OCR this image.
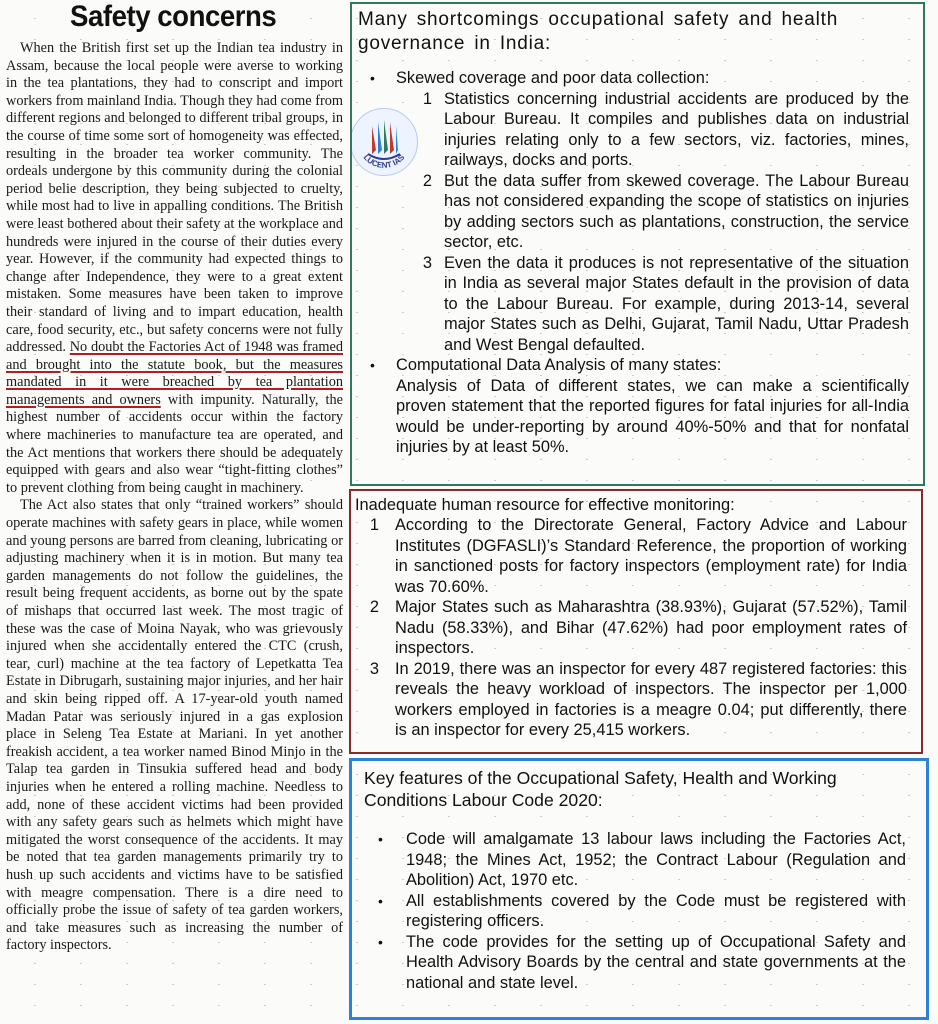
Safety concerns

When the British first set up the Indian tea industry in Assam, because the local people were averse to working in the tea plantations, they had to conscript and import workers from mainland India. Though they had come from different regions and belonged to different tribal groups, in the course of time some sort of homogeneity was effected, resulting in the broader tea worker community. The ordeals undergone by this community during the colonial period belie description, they being subjected to cruelty, while most had to live in appalling conditions. The British were least bothered about their safety at the workplace and hundreds were injured in the course of their duties every year. However, if the community had expected things to change after Independence, they were to a great extent mistaken. Some measures have been taken to improve their standard of living and to impart education, health care, food security, etc., but safety concerns were not fully addressed. No doubt the Factories Act of 1948 was framed and brought into the statute book, but the measures mandated in it were breached by tea plantation managements and owners with impunity. Naturally, the highest number of accidents occur within the factory where machineries to manufacture tea are operated, and the Act mentions that workers there should be adequately equipped with gears and also wear “tight-fitting clothes” to prevent clothing from being caught in machinery.

The Act also states that only “trained workers” should operate machines with safety gears in place, while women and young persons are barred from cleaning, lubricating or adjusting machinery when it is in motion. But many tea garden managements do not follow the guidelines, the result being frequent accidents, as borne out by the spate of mishaps that occurred last week. The most tragic of these was the case of Moina Nayak, who was grievously injured when she accidentally entered the CTC (crush, tear, curl) machine at the tea factory of Lepetkatta Tea Estate in Dibrugarh, sustaining major injuries, and her hair and skin being ripped off. A 17-year-old youth named Madan Patar was seriously injured in a gas explosion place in Seleng Tea Estate at Mariani. In yet another freakish accident, a tea worker named Binod Minjo in the Talap tea garden in Tinsukia suffered head and body injuries when he entered a rolling machine. Needless to add, none of these accident victims had been provided with any safety gears such as helmets which might have mitigated the worst consequence of the accidents. It may be noted that tea garden managements primarily try to hush up such accidents and victims have to be satisfied with meagre compensation. There is a dire need to officially probe the issue of safety of tea garden workers, and take measures such as increasing the number of factory inspectors.

LUCENT IAS
Many shortcomings occupational safety and health governance in India:
• Skewed coverage and poor data collection:
1 Statistics concerning industrial accidents are produced by the Labour Bureau. It compiles and publishes data on industrial injuries relating only to a few sectors, viz. factories, mines, railways, docks and ports.
2 But the data suffer from skewed coverage. The Labour Bureau has not considered expanding the scope of statistics on injuries by adding sectors such as plantations, construction, the service sector, etc.
3 Even the data it produces is not representative of the situation in India as several major States default in the provision of data to the Labour Bureau. For example, during 2013-14, several major States such as Delhi, Gujarat, Tamil Nadu, Uttar Pradesh and West Bengal defaulted.
• Computational Data Analysis of many states:
Analysis of Data of different states, we can make a scientifically proven statement that the reported figures for fatal injuries for all-India would be under-reporting by around 40%-50% and that for nonfatal injuries by at least 50%.
Inadequate human resource for effective monitoring:
1 According to the Directorate General, Factory Advice and Labour Institutes (DGFASLI)’s Standard Reference, the proportion of working in sanctioned posts for factory inspectors (employment rate) for India was 70.60%.
2 Major States such as Maharashtra (38.93%), Gujarat (57.52%), Tamil Nadu (58.33%), and Bihar (47.62%) had poor employment rates of inspectors.
3 In 2019, there was an inspector for every 487 registered factories: this reveals the heavy workload of inspectors. The inspector per 1,000 workers employed in factories is a meagre 0.04; put differently, there is an inspector for every 25,415 workers.
Key features of the Occupational Safety, Health and Working Conditions Labour Code 2020:
• Code will amalgamate 13 labour laws including the Factories Act, 1948; the Mines Act, 1952; the Contract Labour (Regulation and Abolition) Act, 1970 etc.
• All establishments covered by the Code must be registered with registering officers.
• The code provides for the setting up of Occupational Safety and Health Advisory Boards by the central and state governments at the national and state level.
